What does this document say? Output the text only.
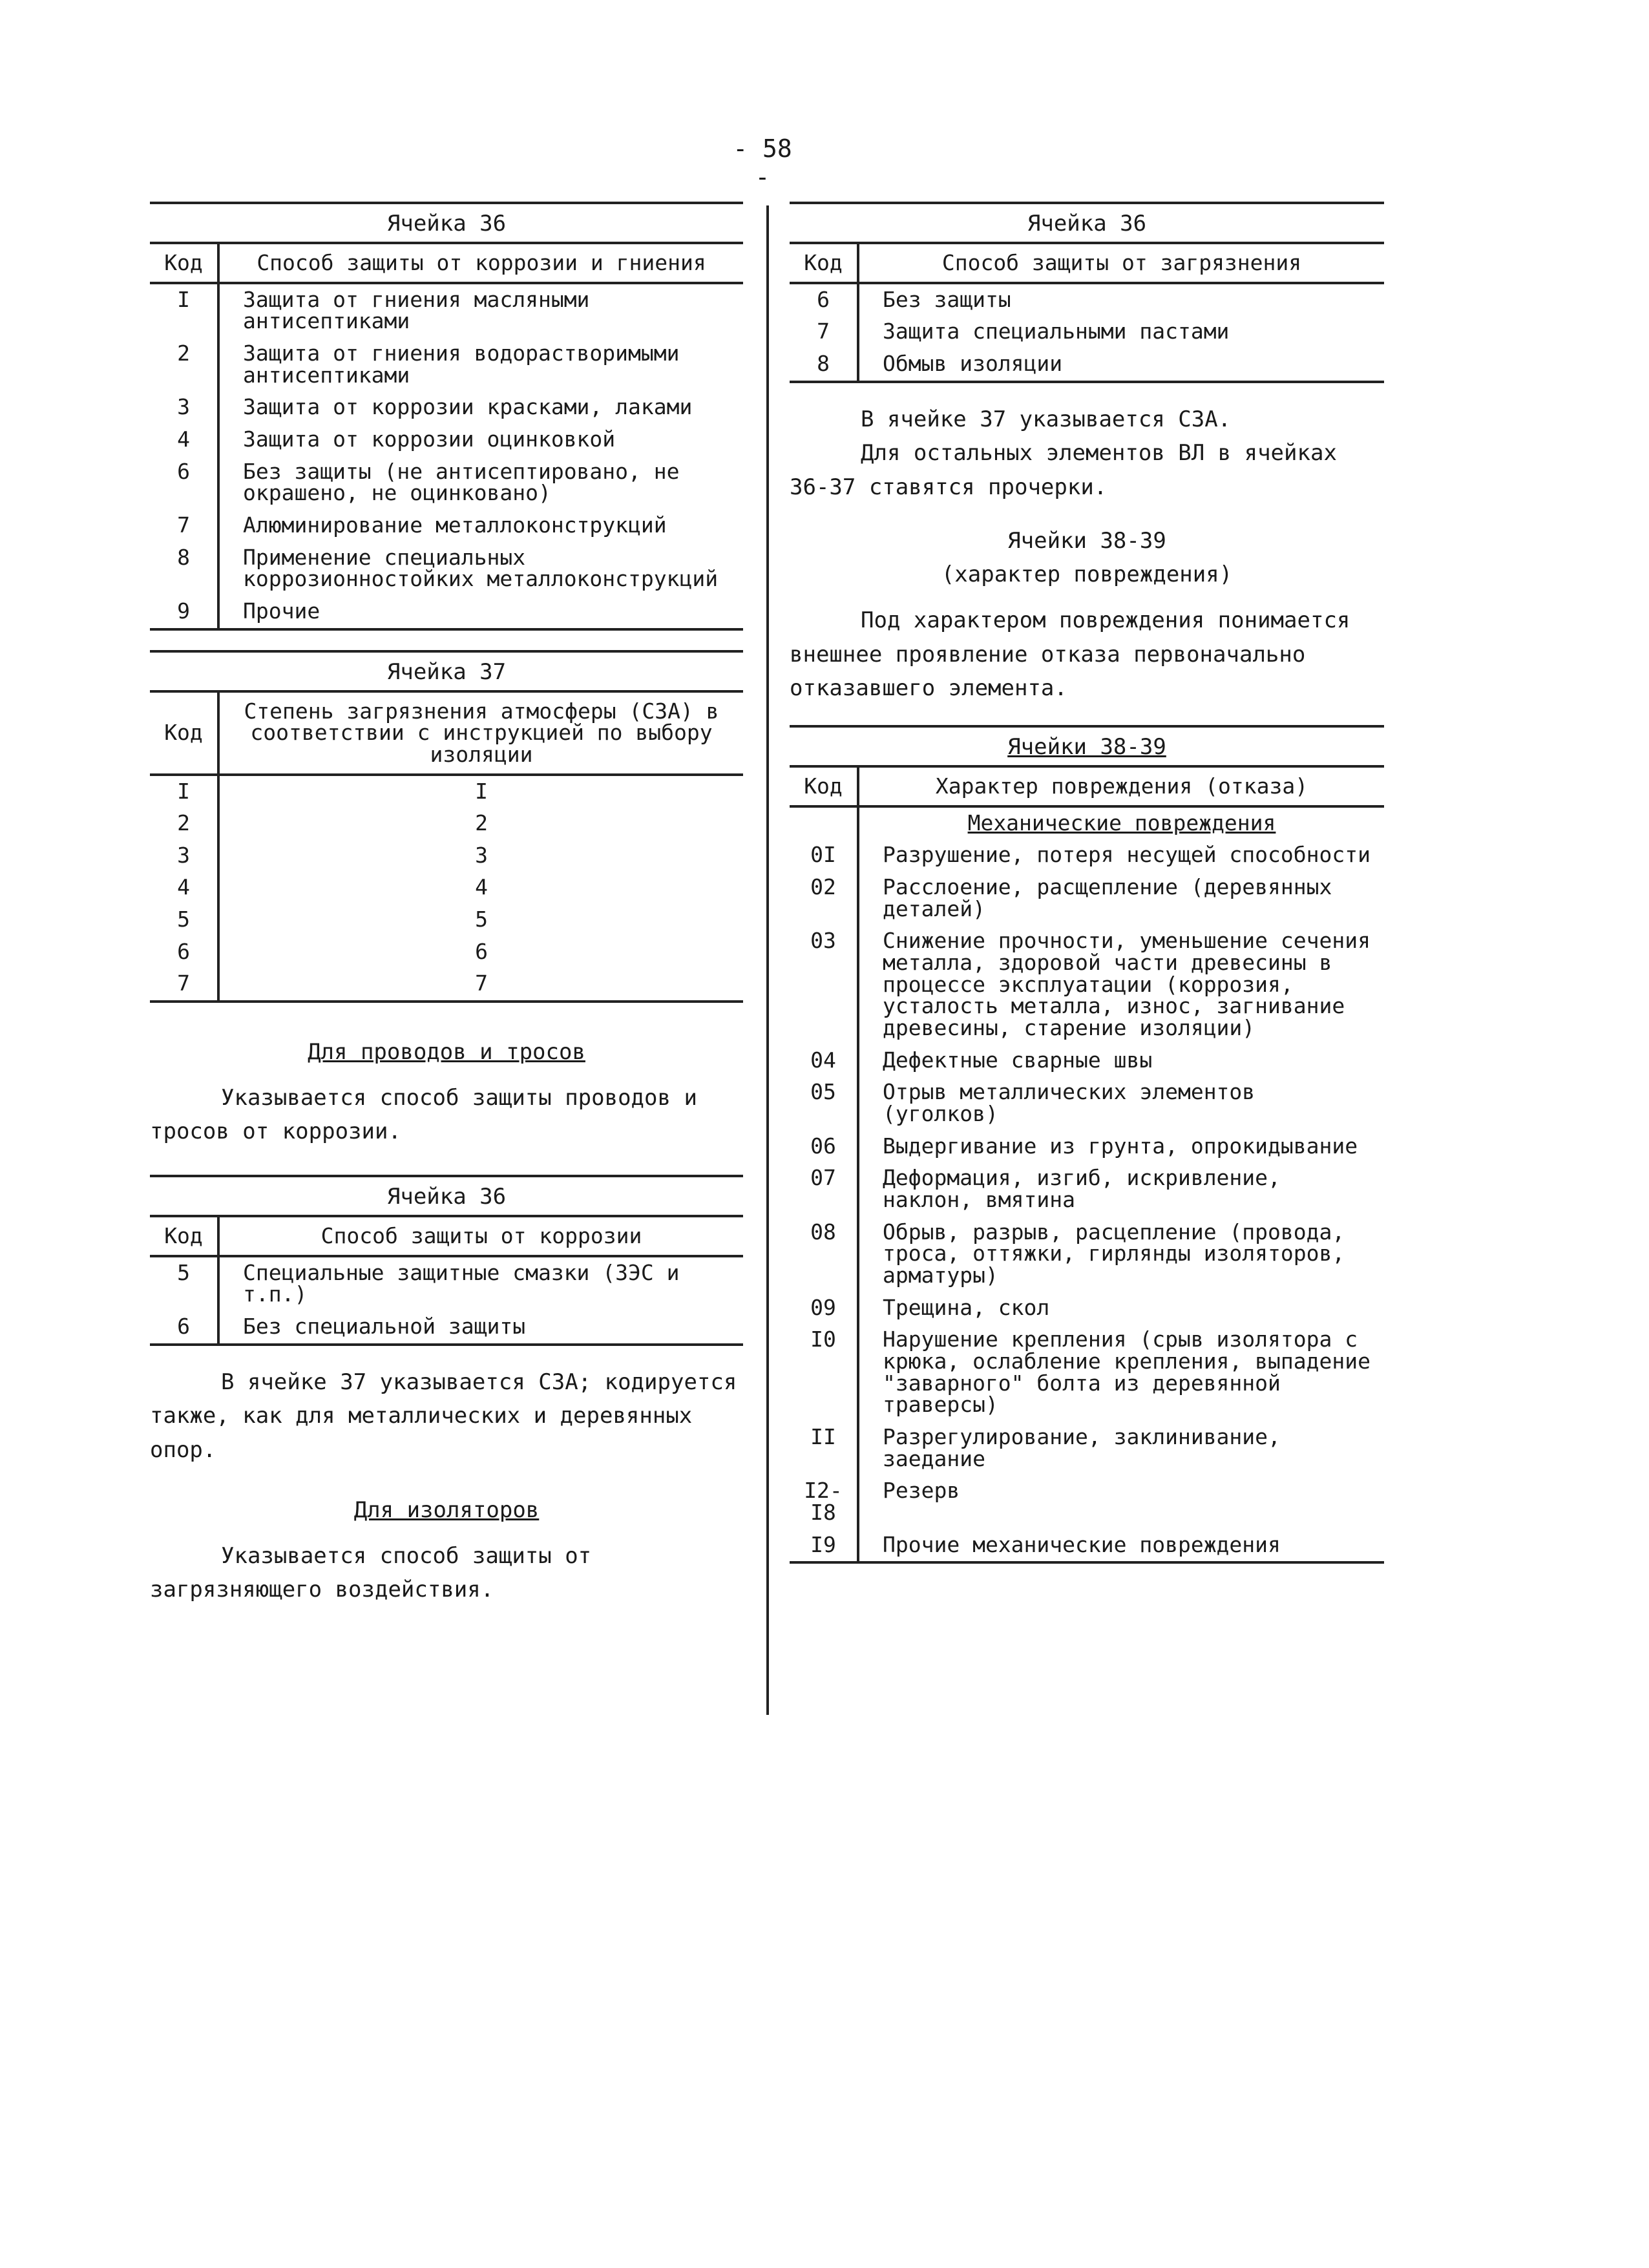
- 58 -
Ячейка 36
Код	Способ защиты от коррозии и гниения
I	Защита от гниения масляными антисептиками
2	Защита от гниения водорастворимыми антисептиками
3	Защита от коррозии красками, лаками
4	Защита от коррозии оцинковкой
6	Без защиты (не антисептировано, не окрашено, не оцинковано)
7	Алюминирование металлоконструкций
8	Применение специальных коррозионностойких металлоконструкций
9	Прочие
Ячейка 37
Код	Степень загрязнения атмосферы (СЗА) в соответствии с инструкцией по выбору изоляции
I	I
2	2
3	3
4	4
5	5
6	6
7	7
Для проводов и тросов

Указывается способ защиты проводов и тросов от коррозии.

Ячейка 36
Код	Способ защиты от коррозии
5	Специальные защитные смазки (ЗЭС и т.п.)
6	Без специальной защиты

В ячейке 37 указывается СЗА; кодируется также, как для металлических и деревянных опор.

Для изоляторов

Указывается способ защиты от загрязняющего воздействия.

Ячейка 36
Код	Способ защиты от загрязнения
6	Без защиты
7	Защита специальными пастами
8	Обмыв изоляции

В ячейке 37 указывается СЗА.

Для остальных элементов ВЛ в ячейках 36-37 ставятся прочерки.

Ячейки 38-39
(характер повреждения)

Под характером повреждения понимается внешнее проявление отказа первоначально отказавшего элемента.

Ячейки 38-39
Код	Характер повреждения (отказа)
	Механические повреждения
0I	Разрушение, потеря несущей способности
02	Расслоение, расщепление (деревянных деталей)
03	Снижение прочности, уменьшение сечения металла, здоровой части древесины в процессе эксплуатации (коррозия, усталость металла, износ, загнивание древесины, старение изоляции)
04	Дефектные сварные швы
05	Отрыв металлических элементов (уголков)
06	Выдергивание из грунта, опрокидывание
07	Деформация, изгиб, искривление, наклон, вмятина
08	Обрыв, разрыв, расцепление (провода, троса, оттяжки, гирлянды изоляторов, арматуры)
09	Трещина, скол
I0	Нарушение крепления (срыв изолятора с крюка, ослабление крепления, выпадение "заварного" болта из деревянной траверсы)
II	Разрегулирование, заклинивание, заедание
I2-I8	Резерв
I9	Прочие механические повреждения
